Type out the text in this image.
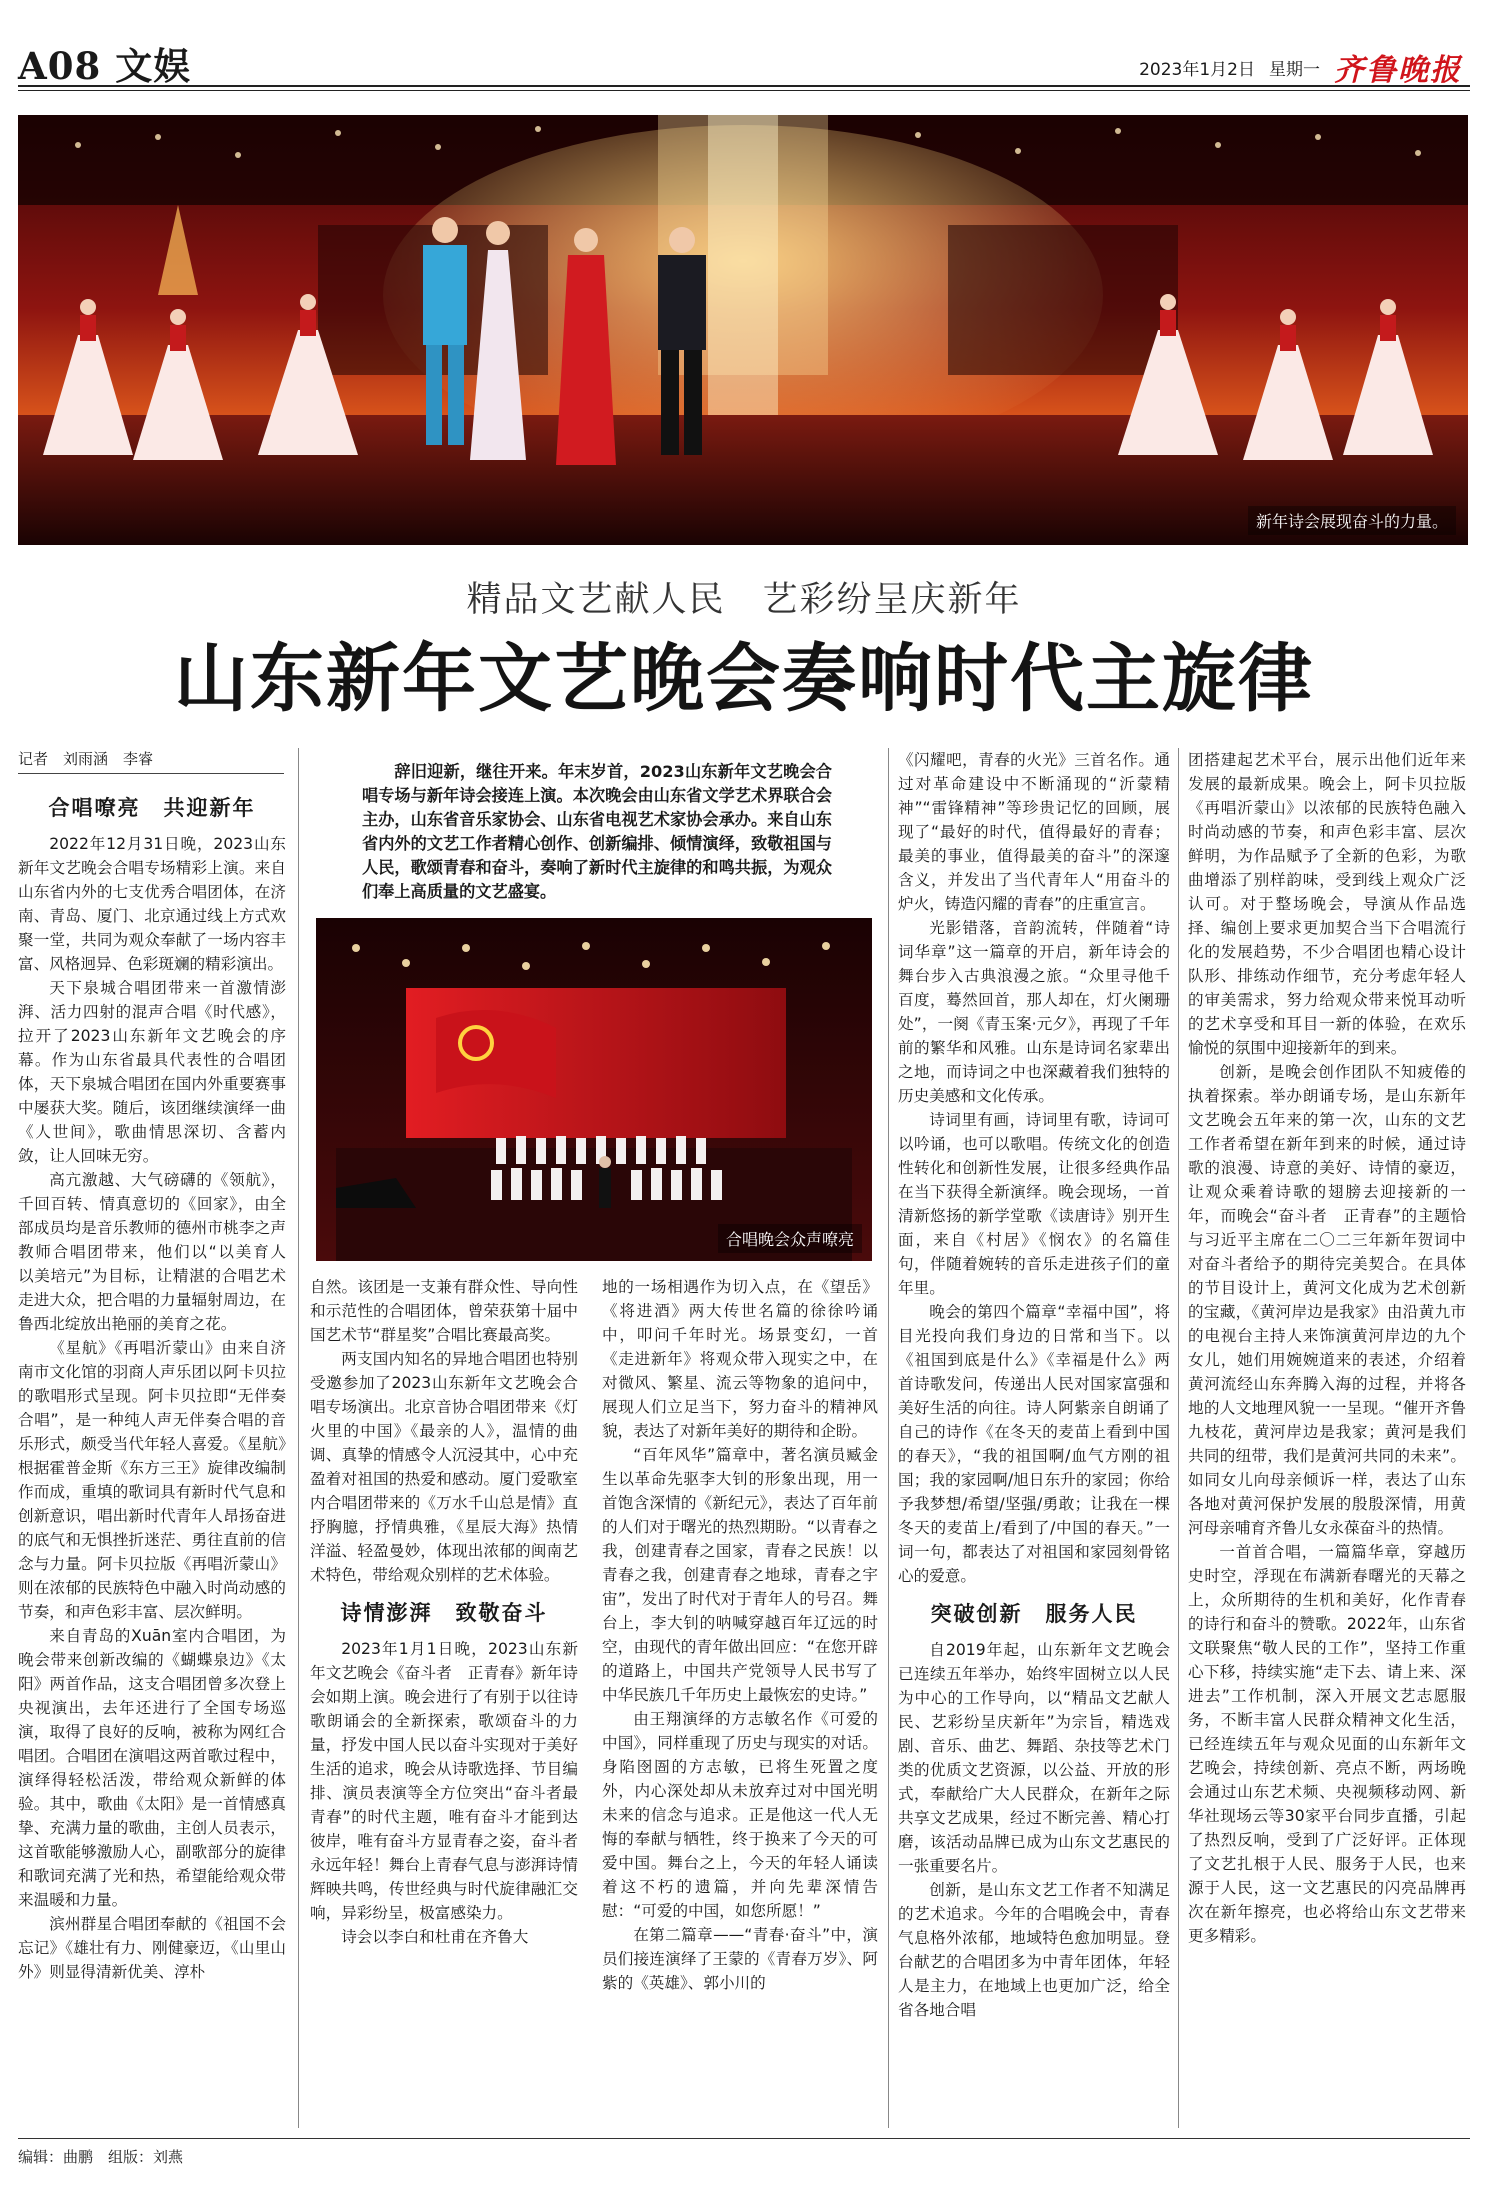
A08 文娱	2023年1月2日 星期一 齐鲁晚报
新年诗会展现奋斗的力量。
精品文艺献人民　艺彩纷呈庆新年
山东新年文艺晚会奏响时代主旋律
记者　刘雨涵　李睿

辞旧迎新，继往开来。年末岁首，2023山东新年文艺晚会合唱专场与新年诗会接连上演。本次晚会由山东省文学艺术界联合会主办，山东省音乐家协会、山东省电视艺术家协会承办。来自山东省内外的文艺工作者精心创作、创新编排、倾情演绎，致敬祖国与人民，歌颂青春和奋斗，奏响了新时代主旋律的和鸣共振，为观众们奉上高质量的文艺盛宴。

合唱晚会众声嘹亮

合唱嘹亮　共迎新年

2022年12月31日晚，2023山东新年文艺晚会合唱专场精彩上演。来自山东省内外的七支优秀合唱团体，在济南、青岛、厦门、北京通过线上方式欢聚一堂，共同为观众奉献了一场内容丰富、风格迥异、色彩斑斓的精彩演出。

天下泉城合唱团带来一首激情澎湃、活力四射的混声合唱《时代感》，拉开了2023山东新年文艺晚会的序幕。作为山东省最具代表性的合唱团体，天下泉城合唱团在国内外重要赛事中屡获大奖。随后，该团继续演绎一曲《人世间》，歌曲情思深切、含蓄内敛，让人回味无穷。

高亢激越、大气磅礴的《领航》，千回百转、情真意切的《回家》，由全部成员均是音乐教师的德州市桃李之声教师合唱团带来，他们以“以美育人　以美培元”为目标，让精湛的合唱艺术走进大众，把合唱的力量辐射周边，在鲁西北绽放出艳丽的美育之花。

《星航》《再唱沂蒙山》由来自济南市文化馆的羽商人声乐团以阿卡贝拉的歌唱形式呈现。阿卡贝拉即“无伴奏合唱”，是一种纯人声无伴奏合唱的音乐形式，颇受当代年轻人喜爱。《星航》根据霍普金斯《东方三王》旋律改编制作而成，重填的歌词具有新时代气息和创新意识，唱出新时代青年人昂扬奋进的底气和无惧挫折迷茫、勇往直前的信念与力量。阿卡贝拉版《再唱沂蒙山》则在浓郁的民族特色中融入时尚动感的节奏，和声色彩丰富、层次鲜明。

来自青岛的Xuān室内合唱团，为晚会带来创新改编的《蝴蝶泉边》《太阳》两首作品，这支合唱团曾多次登上央视演出，去年还进行了全国专场巡演，取得了良好的反响，被称为网红合唱团。合唱团在演唱这两首歌过程中，演绎得轻松活泼，带给观众新鲜的体验。其中，歌曲《太阳》是一首情感真挚、充满力量的歌曲，主创人员表示，这首歌能够激励人心，副歌部分的旋律和歌词充满了光和热，希望能给观众带来温暖和力量。

滨州群星合唱团奉献的《祖国不会忘记》《雄壮有力、刚健豪迈，《山里山外》则显得清新优美、淳朴

自然。该团是一支兼有群众性、导向性和示范性的合唱团体，曾荣获第十届中国艺术节“群星奖”合唱比赛最高奖。

两支国内知名的异地合唱团也特别受邀参加了2023山东新年文艺晚会合唱专场演出。北京音协合唱团带来《灯火里的中国》《最亲的人》，温情的曲调、真挚的情感令人沉浸其中，心中充盈着对祖国的热爱和感动。厦门爱歌室内合唱团带来的《万水千山总是情》直抒胸臆，抒情典雅，《星辰大海》热情洋溢、轻盈曼妙，体现出浓郁的闽南艺术特色，带给观众别样的艺术体验。

诗情澎湃　致敬奋斗

2023年1月1日晚，2023山东新年文艺晚会《奋斗者　正青春》新年诗会如期上演。晚会进行了有别于以往诗歌朗诵会的全新探索，歌颂奋斗的力量，抒发中国人民以奋斗实现对于美好生活的追求，晚会从诗歌选择、节目编排、演员表演等全方位突出“奋斗者最青春”的时代主题，唯有奋斗才能到达彼岸，唯有奋斗方显青春之姿，奋斗者永远年轻！舞台上青春气息与澎湃诗情辉映共鸣，传世经典与时代旋律融汇交响，异彩纷呈，极富感染力。

诗会以李白和杜甫在齐鲁大

地的一场相遇作为切入点，在《望岳》《将进酒》两大传世名篇的徐徐吟诵中，叩问千年时光。场景变幻，一首《走进新年》将观众带入现实之中，在对微风、繁星、流云等物象的追问中，展现人们立足当下，努力奋斗的精神风貌，表达了对新年美好的期待和企盼。

“百年风华”篇章中，著名演员臧金生以革命先驱李大钊的形象出现，用一首饱含深情的《新纪元》，表达了百年前的人们对于曙光的热烈期盼。“以青春之我，创建青春之国家，青春之民族！以青春之我，创建青春之地球，青春之宇宙”，发出了时代对于青年人的号召。舞台上，李大钊的呐喊穿越百年辽远的时空，由现代的青年做出回应：“在您开辟的道路上，中国共产党领导人民书写了中华民族几千年历史上最恢宏的史诗。”

由王翔演绎的方志敏名作《可爱的中国》，同样重现了历史与现实的对话。身陷囹圄的方志敏，已将生死置之度外，内心深处却从未放弃过对中国光明未来的信念与追求。正是他这一代人无悔的奉献与牺牲，终于换来了今天的可爱中国。舞台之上，今天的年轻人诵读着这不朽的遗篇，并向先辈深情告慰：“可爱的中国，如您所愿！”

在第二篇章——“青春·奋斗”中，演员们接连演绎了王蒙的《青春万岁》、阿紫的《英雄》、郭小川的

《闪耀吧，青春的火光》三首名作。通过对革命建设中不断涌现的“沂蒙精神”“雷锋精神”等珍贵记忆的回顾，展现了“最好的时代，值得最好的青春；最美的事业，值得最美的奋斗”的深邃含义，并发出了当代青年人“用奋斗的炉火，铸造闪耀的青春”的庄重宣言。

光影错落，音韵流转，伴随着“诗词华章”这一篇章的开启，新年诗会的舞台步入古典浪漫之旅。“众里寻他千百度，蓦然回首，那人却在，灯火阑珊处”，一阕《青玉案·元夕》，再现了千年前的繁华和风雅。山东是诗词名家辈出之地，而诗词之中也深藏着我们独特的历史美感和文化传承。

诗词里有画，诗词里有歌，诗词可以吟诵，也可以歌唱。传统文化的创造性转化和创新性发展，让很多经典作品在当下获得全新演绎。晚会现场，一首清新悠扬的新学堂歌《读唐诗》别开生面，来自《村居》《悯农》的名篇佳句，伴随着婉转的音乐走进孩子们的童年里。

晚会的第四个篇章“幸福中国”，将目光投向我们身边的日常和当下。以《祖国到底是什么》《幸福是什么》两首诗歌发问，传递出人民对国家富强和美好生活的向往。诗人阿紫亲自朗诵了自己的诗作《在冬天的麦苗上看到中国的春天》，“我的祖国啊/血气方刚的祖国；我的家园啊/旭日东升的家园；你给予我梦想/希望/坚强/勇敢；让我在一棵冬天的麦苗上/看到了/中国的春天。”一词一句，都表达了对祖国和家园刻骨铭心的爱意。

突破创新　服务人民

自2019年起，山东新年文艺晚会已连续五年举办，始终牢固树立以人民为中心的工作导向，以“精品文艺献人民、艺彩纷呈庆新年”为宗旨，精选戏剧、音乐、曲艺、舞蹈、杂技等艺术门类的优质文艺资源，以公益、开放的形式，奉献给广大人民群众，在新年之际共享文艺成果，经过不断完善、精心打磨，该活动品牌已成为山东文艺惠民的一张重要名片。

创新，是山东文艺工作者不知满足的艺术追求。今年的合唱晚会中，青春气息格外浓郁，地域特色愈加明显。登台献艺的合唱团多为中青年团体，年轻人是主力，在地域上也更加广泛，给全省各地合唱

团搭建起艺术平台，展示出他们近年来发展的最新成果。晚会上，阿卡贝拉版《再唱沂蒙山》以浓郁的民族特色融入时尚动感的节奏，和声色彩丰富、层次鲜明，为作品赋予了全新的色彩，为歌曲增添了别样韵味，受到线上观众广泛认可。对于整场晚会，导演从作品选择、编创上要求更加契合当下合唱流行化的发展趋势，不少合唱团也精心设计队形、排练动作细节，充分考虑年轻人的审美需求，努力给观众带来悦耳动听的艺术享受和耳目一新的体验，在欢乐愉悦的氛围中迎接新年的到来。

创新，是晚会创作团队不知疲倦的执着探索。举办朗诵专场，是山东新年文艺晚会五年来的第一次，山东的文艺工作者希望在新年到来的时候，通过诗歌的浪漫、诗意的美好、诗情的豪迈，让观众乘着诗歌的翅膀去迎接新的一年，而晚会“奋斗者　正青春”的主题恰与习近平主席在二〇二三年新年贺词中对奋斗者给予的期待完美契合。在具体的节目设计上，黄河文化成为艺术创新的宝藏，《黄河岸边是我家》由沿黄九市的电视台主持人来饰演黄河岸边的九个女儿，她们用婉婉道来的表述，介绍着黄河流经山东奔腾入海的过程，并将各地的人文地理风貌一一呈现。“催开齐鲁九枝花，黄河岸边是我家；黄河是我们共同的纽带，我们是黄河共同的未来”。如同女儿向母亲倾诉一样，表达了山东各地对黄河保护发展的殷殷深情，用黄河母亲哺育齐鲁儿女永葆奋斗的热情。

一首首合唱，一篇篇华章，穿越历史时空，浮现在布满新春曙光的天幕之上，众所期待的生机和美好，化作青春的诗行和奋斗的赞歌。2022年，山东省文联聚焦“敬人民的工作”，坚持工作重心下移，持续实施“走下去、请上来、深进去”工作机制，深入开展文艺志愿服务，不断丰富人民群众精神文化生活，已经连续五年与观众见面的山东新年文艺晚会，持续创新、亮点不断，两场晚会通过山东艺术频、央视频移动网、新华社现场云等30家平台同步直播，引起了热烈反响，受到了广泛好评。正体现了文艺扎根于人民、服务于人民，也来源于人民，这一文艺惠民的闪亮品牌再次在新年擦亮，也必将给山东文艺带来更多精彩。

编辑：曲鹏　组版：刘燕
